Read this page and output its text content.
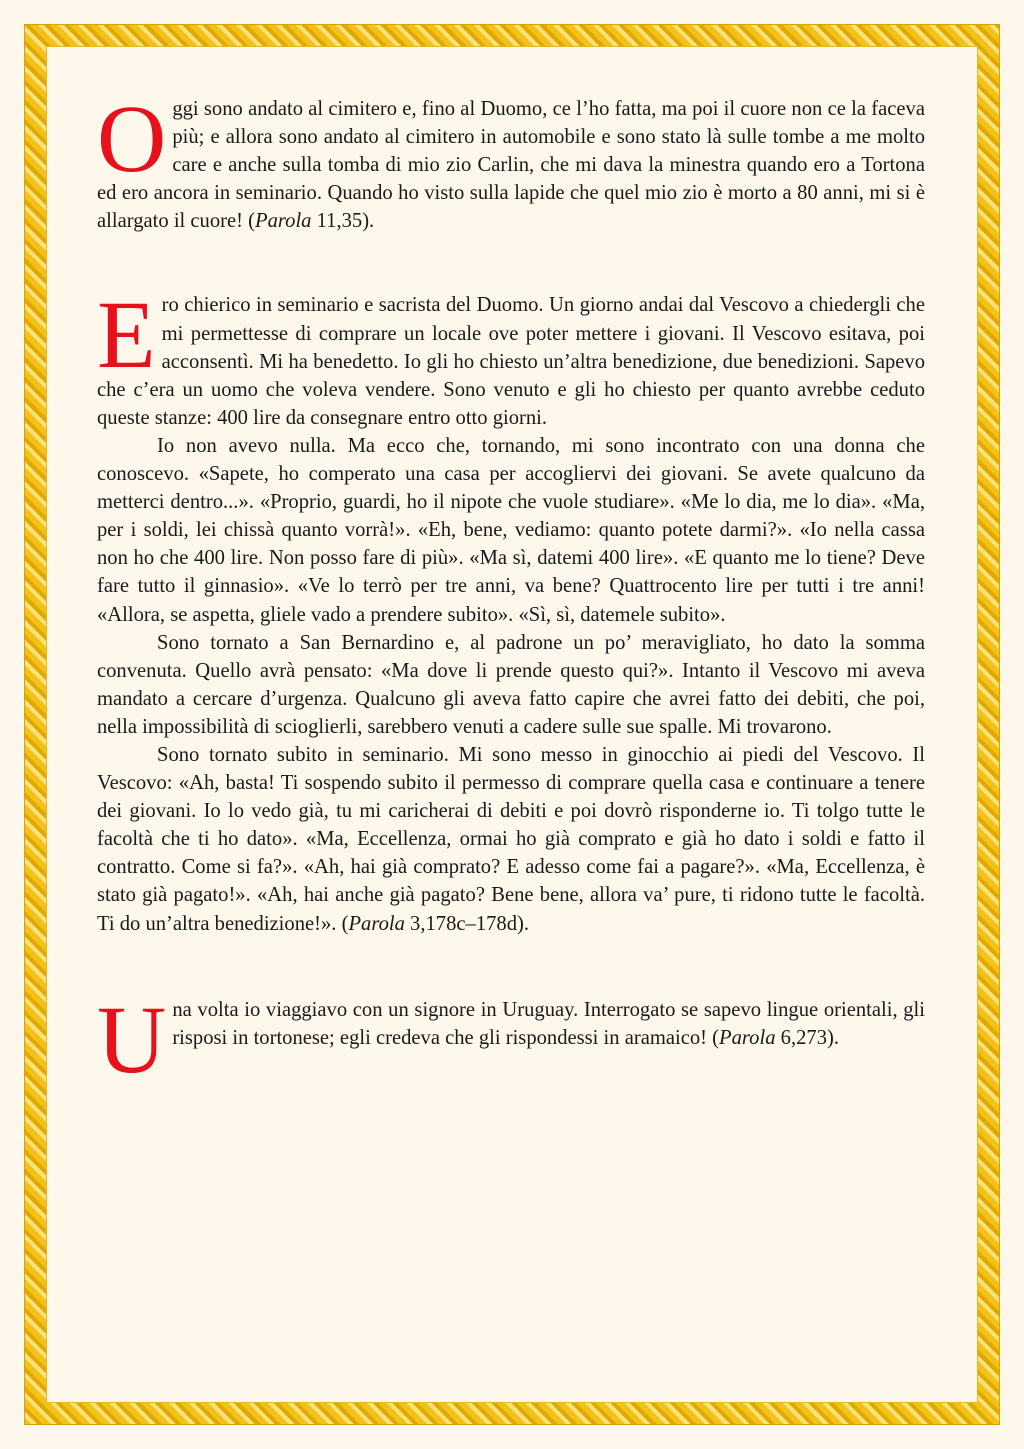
O ggi sono andato al cimitero e, fino al Duomo, ce l’ho fatta, ma poi il cuore non ce la faceva più; e allora sono andato al cimitero in automobile e sono stato là sulle tombe a me molto care e anche sulla tomba di mio zio Carlin, che mi dava la minestra quando ero a Tortona ed ero ancora in seminario. Quando ho visto sulla lapide che quel mio zio è morto a 80 anni, mi si è allargato il cuore! (Parola 11,35).

E ro chierico in seminario e sacrista del Duomo. Un giorno andai dal Vescovo a chiedergli che mi permettesse di comprare un locale ove poter mettere i giovani. Il Vescovo esitava, poi acconsentì. Mi ha benedetto. Io gli ho chiesto un’altra benedizione, due benedizioni. Sapevo che c’era un uomo che voleva vendere. Sono venuto e gli ho chiesto per quanto avrebbe ceduto queste stanze: 400 lire da consegnare entro otto giorni.

Io non avevo nulla. Ma ecco che, tornando, mi sono incontrato con una donna che conoscevo. «Sapete, ho comperato una casa per accogliervi dei giovani. Se avete qualcuno da metterci dentro...». «Proprio, guardi, ho il nipote che vuole studiare». «Me lo dia, me lo dia». «Ma, per i soldi, lei chissà quanto vorrà!». «Eh, bene, vediamo: quanto potete darmi?». «Io nella cassa non ho che 400 lire. Non posso fare di più». «Ma sì, datemi 400 lire». «E quanto me lo tiene? Deve fare tutto il ginnasio». «Ve lo terrò per tre anni, va bene? Quattrocento lire per tutti i tre anni! «Allora, se aspetta, gliele vado a prendere subito». «Sì, sì, datemele subito».

Sono tornato a San Bernardino e, al padrone un po’ meravigliato, ho dato la somma convenuta. Quello avrà pensato: «Ma dove li prende questo qui?». Intanto il Vescovo mi aveva mandato a cercare d’urgenza. Qualcuno gli aveva fatto capire che avrei fatto dei debiti, che poi, nella impossibilità di scioglierli, sarebbero venuti a cadere sulle sue spalle. Mi trovarono.

Sono tornato subito in seminario. Mi sono messo in ginocchio ai piedi del Vescovo. Il Vescovo: «Ah, basta! Ti sospendo subito il permesso di comprare quella casa e continuare a tenere dei giovani. Io lo vedo già, tu mi caricherai di debiti e poi dovrò risponderne io. Ti tolgo tutte le facoltà che ti ho dato». «Ma, Eccellenza, ormai ho già comprato e già ho dato i soldi e fatto il contratto. Come si fa?». «Ah, hai già comprato? E adesso come fai a pagare?». «Ma, Eccellenza, è stato già pagato!». «Ah, hai anche già pagato? Bene bene, allora va’ pure, ti ridono tutte le facoltà. Ti do un’altra benedizione!». (Parola 3,178c–178d).

U na volta io viaggiavo con un signore in Uruguay. Interrogato se sapevo lingue orientali, gli risposi in tortonese; egli credeva che gli rispondessi in aramaico! (Parola 6,273).
